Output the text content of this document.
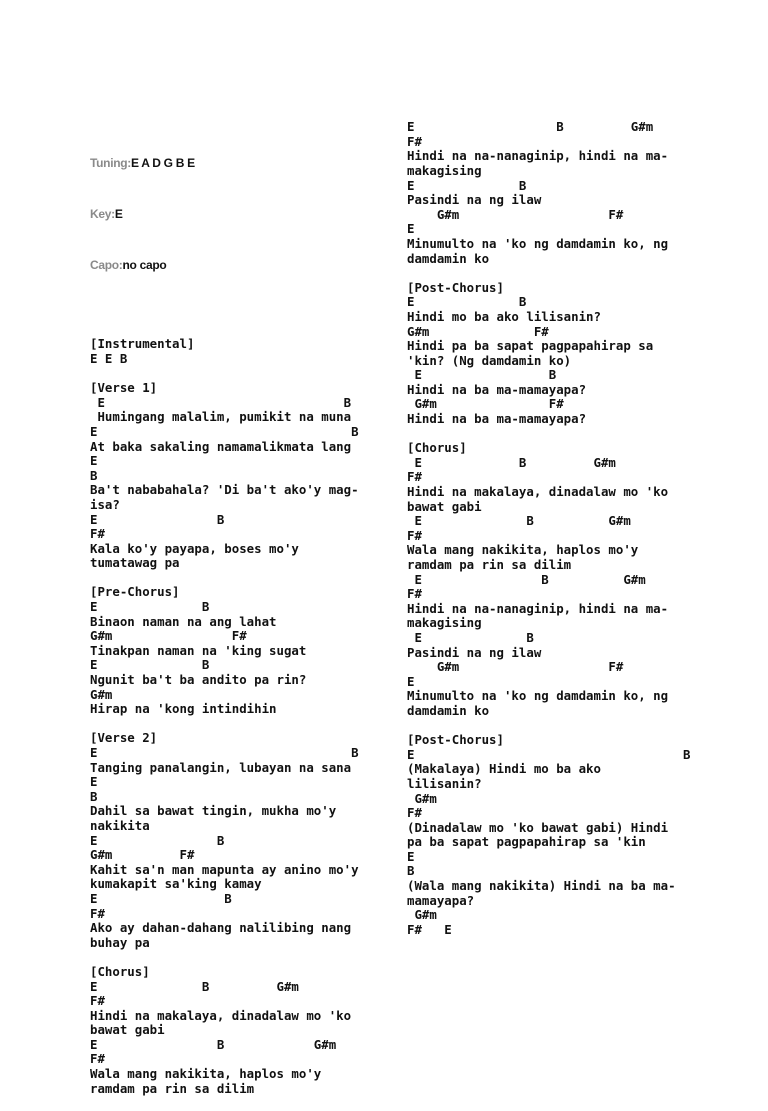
Tuning:E A D G B E

Key:E

Capo:no capo

[Instrumental]
E E B
[Verse 1]
E                                B
Humingang malalim, pumikit na muna
E                                  B
At baka sakaling namamalikmata lang
E
B
Ba't nababahala? 'Di ba't ako'y mag-
isa?
E                B
F#
Kala ko'y payapa, boses mo'y
tumatawag pa
[Pre-Chorus]
E              B
Binaon naman na ang lahat
G#m                F#
Tinakpan naman na 'king sugat
E              B
Ngunit ba't ba andito pa rin?
G#m
Hirap na 'kong intindihin
[Verse 2]
E                                  B
Tanging panalangin, lubayan na sana
E
B
Dahil sa bawat tingin, mukha mo'y
nakikita
E                B
G#m         F#
Kahit sa'n man mapunta ay anino mo'y
kumakapit sa'king kamay
E                 B
F#
Ako ay dahan-dahang nalilibing nang
buhay pa
[Chorus]
E              B         G#m
F#
Hindi na makalaya, dinadalaw mo 'ko
bawat gabi
E                B            G#m
F#
Wala mang nakikita, haplos mo'y
ramdam pa rin sa dilim

E                   B         G#m
F#
Hindi na na-nanaginip, hindi na ma-
makagising
E              B
Pasindi na ng ilaw
G#m                    F#
E
Minumulto na 'ko ng damdamin ko, ng
damdamin ko
[Post-Chorus]
E              B
Hindi mo ba ako lilisanin?
G#m              F#
Hindi pa ba sapat pagpapahirap sa
'kin? (Ng damdamin ko)
E                 B
Hindi na ba ma-mamayapa?
G#m               F#
Hindi na ba ma-mamayapa?
[Chorus]
E             B         G#m
F#
Hindi na makalaya, dinadalaw mo 'ko
bawat gabi
E              B          G#m
F#
Wala mang nakikita, haplos mo'y
ramdam pa rin sa dilim
E                B          G#m
F#
Hindi na na-nanaginip, hindi na ma-
makagising
E              B
Pasindi na ng ilaw
G#m                    F#
E
Minumulto na 'ko ng damdamin ko, ng
damdamin ko
[Post-Chorus]
E                                    B
(Makalaya) Hindi mo ba ako
lilisanin?
G#m
F#
(Dinadalaw mo 'ko bawat gabi) Hindi
pa ba sapat pagpapahirap sa 'kin
E
B
(Wala mang nakikita) Hindi na ba ma-
mamayapa?
G#m
F#   E
